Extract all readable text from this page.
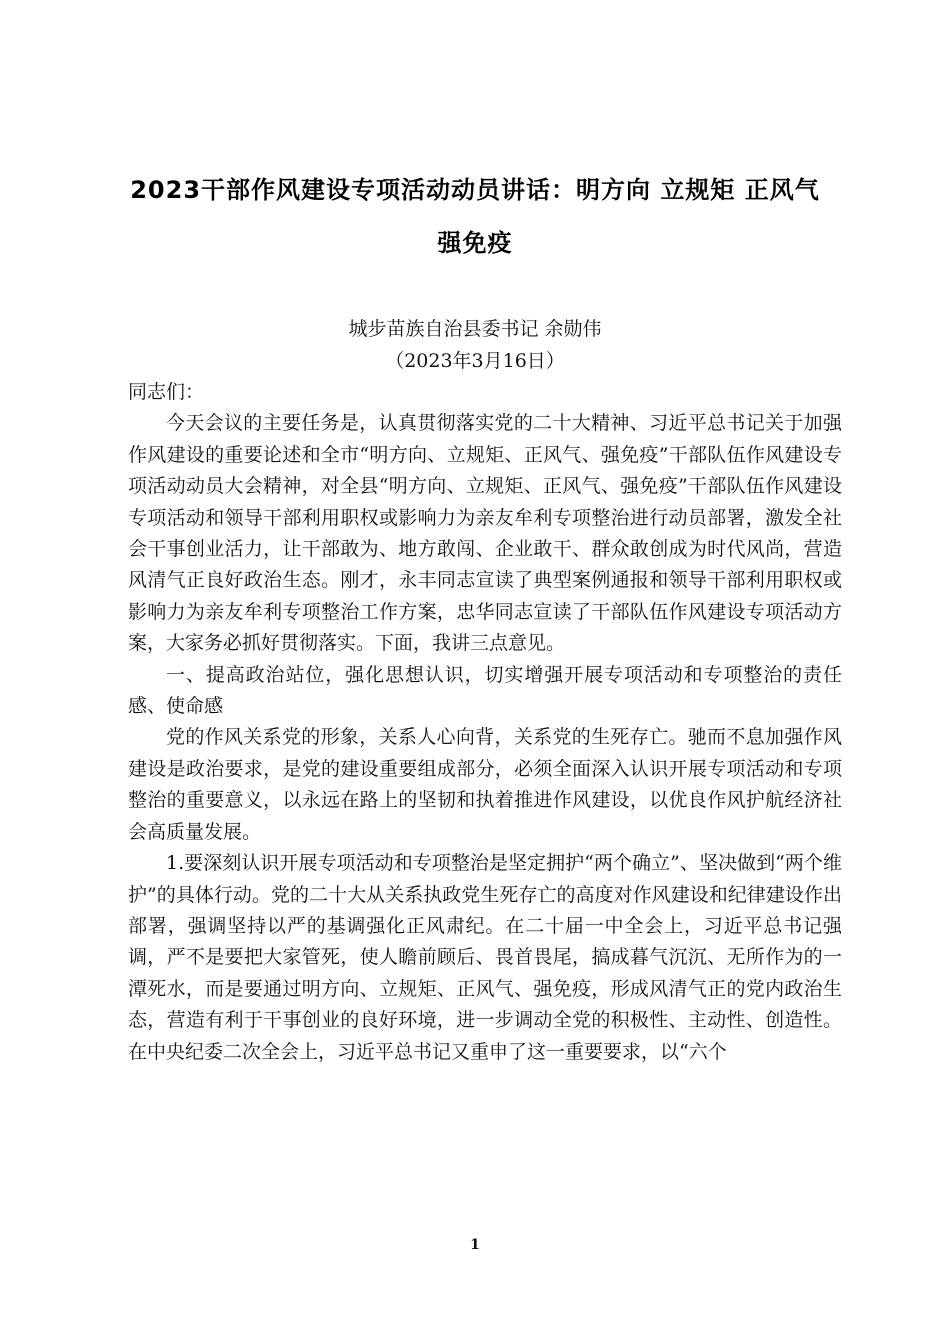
2023干部作风建设专项活动动员讲话：明方向 立规矩 正风气
强免疫
城步苗族自治县委书记 余勋伟
（2023年3月16日）

同志们：

今天会议的主要任务是，认真贯彻落实党的二十大精神、习近平总书记关于加强作风建设的重要论述和全市“明方向、立规矩、正风气、强免疫”干部队伍作风建设专项活动动员大会精神，对全县“明方向、立规矩、正风气、强免疫”干部队伍作风建设专项活动和领导干部利用职权或影响力为亲友牟利专项整治进行动员部署，激发全社会干事创业活力，让干部敢为、地方敢闯、企业敢干、群众敢创成为时代风尚，营造风清气正良好政治生态。刚才，永丰同志宣读了典型案例通报和领导干部利用职权或影响力为亲友牟利专项整治工作方案，忠华同志宣读了干部队伍作风建设专项活动方案，大家务必抓好贯彻落实。下面，我讲三点意见。

一、提高政治站位，强化思想认识，切实增强开展专项活动和专项整治的责任感、使命感

党的作风关系党的形象，关系人心向背，关系党的生死存亡。驰而不息加强作风建设是政治要求，是党的建设重要组成部分，必须全面深入认识开展专项活动和专项整治的重要意义，以永远在路上的坚韧和执着推进作风建设，以优良作风护航经济社会高质量发展。

1.要深刻认识开展专项活动和专项整治是坚定拥护“两个确立”、坚决做到“两个维护”的具体行动。党的二十大从关系执政党生死存亡的高度对作风建设和纪律建设作出部署，强调坚持以严的基调强化正风肃纪。在二十届一中全会上，习近平总书记强调，严不是要把大家管死，使人瞻前顾后、畏首畏尾，搞成暮气沉沉、无所作为的一潭死水，而是要通过明方向、立规矩、正风气、强免疫，形成风清气正的党内政治生态，营造有利于干事创业的良好环境，进一步调动全党的积极性、主动性、创造性。在中央纪委二次全会上，习近平总书记又重申了这一重要要求，以“六个

1
